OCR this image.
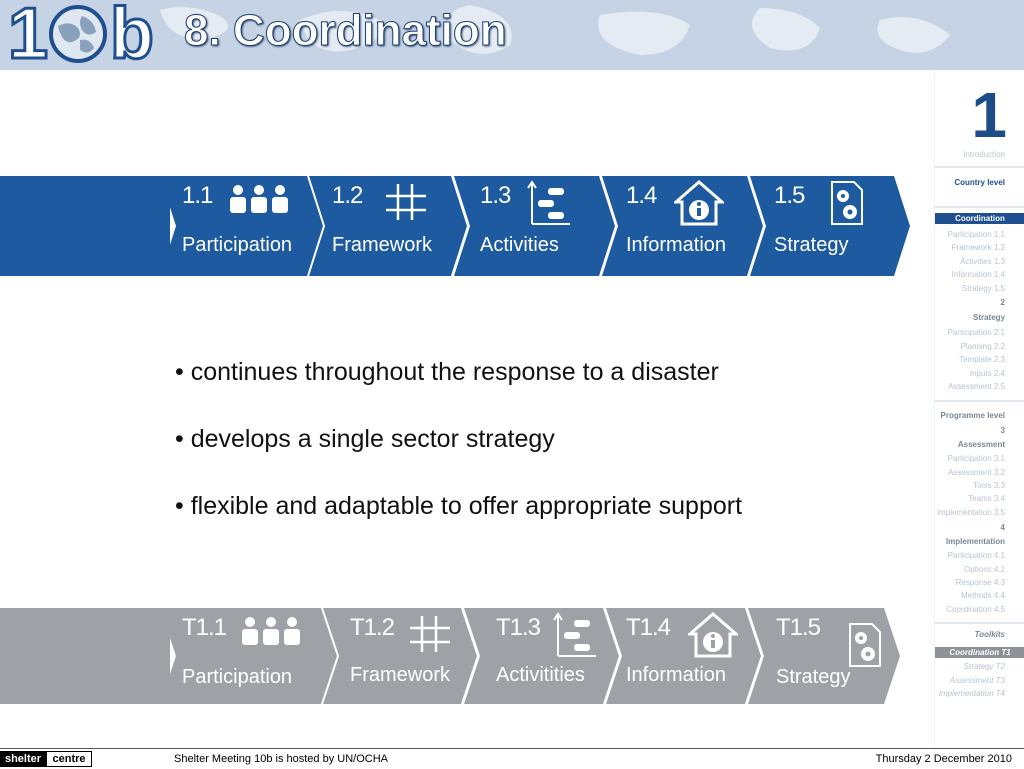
1 b 8. Coordination
1
Introduction
Country level
Coordination
Participation 1.1
Framework 1.2
Activities 1.3
Information 1.4
Strategy 1.5
2
Strategy
Participation 2.1
Planning 2.2
Template 2.3
Inputs 2.4
Assessment 2.5
Programme level
3
Assessment
Participation 3.1
Assessment 3.2
Tools 3.3
Teams 3.4
Implementation 3.5
4
Implementation
Participation 4.1
Options 4.2
Response 4.3
Methods 4.4
Coordination 4.5
Toolkits
Coordination T1
Strategy T2
Assessment T3
Implementation T4
1.1
Participation
1.2
Framework
1.3
Activities
1.4
Information
1.5
Strategy
• continues throughout the response to a disaster
• develops a single sector strategy
• flexible and adaptable to offer appropriate support
T1.1
Participation
T1.2
Framework
T1.3
Activitities
T1.4
Information
T1.5
Strategy
shelter	centre	Shelter Meeting 10b is hosted by UN/OCHA	Thursday 2 December 2010
